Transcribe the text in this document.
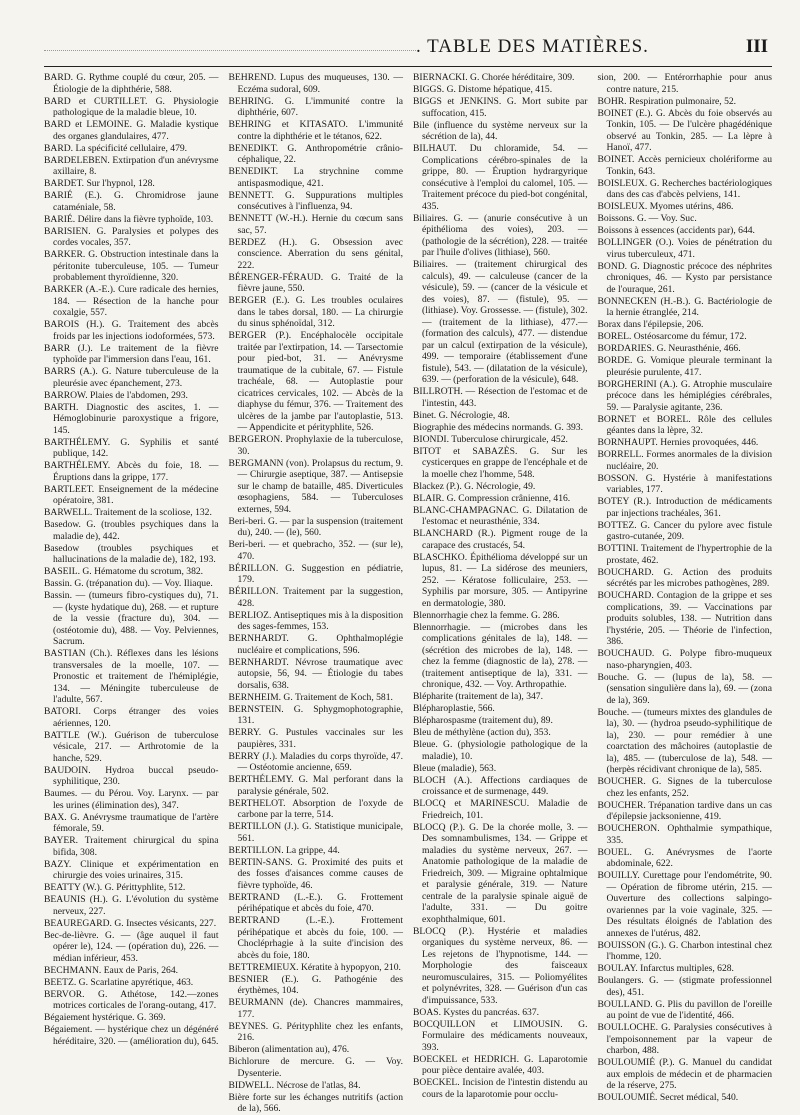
. TABLE DES MATIÈRES.	III

BARD. G. Rythme couplé du cœur, 205. — Étiologie de la diphthérie, 588.

BARD et CURTILLET. G. Physiologie pathologique de la maladie bleue, 10.

BARD et LEMOINE. G. Maladie kystique des organes glandulaires, 477.

BARD. La spécificité cellulaire, 479.

BARDELEBEN. Extirpation d'un anévrysme axillaire, 8.

BARDET. Sur l'hypnol, 128.

BARIÉ (E.). G. Chromidrose jaune cataméniale, 58.

BARIÉ. Délire dans la fièvre typhoïde, 103.

BARISIEN. G. Paralysies et polypes des cordes vocales, 357.

BARKER. G. Obstruction intestinale dans la péritonite tuberculeuse, 105. — Tumeur probablement thyroïdienne, 320.

BARKER (A.-E.). Cure radicale des hernies, 184. — Résection de la hanche pour coxalgie, 557.

BAROIS (H.). G. Traitement des abcès froids par les injections iodoformées, 573.

BARR (J.). Le traitement de la fièvre typhoïde par l'immersion dans l'eau, 161.

BARRS (A.). G. Nature tuberculeuse de la pleurésie avec épanchement, 273.

BARROW. Plaies de l'abdomen, 293.

BARTH. Diagnostic des ascites, 1. — Hémoglobinurie paroxystique a frigore, 145.

BARTHÉLEMY. G. Syphilis et santé publique, 142.

BARTHÉLEMY. Abcès du foie, 18. — Éruptions dans la grippe, 177.

BARTLEET. Enseignement de la médecine opératoire, 381.

BARWELL. Traitement de la scoliose, 132.

Basedow. G. (troubles psychiques dans la maladie de), 442.

Basedow (troubles psychiques et hallucinations de la maladie de), 182, 193.

BASEIL. G. Hématome du scrotum, 382.

Bassin. G. (trépanation du). — Voy. Iliaque.

Bassin. — (tumeurs fibro-cystiques du), 71. — (kyste hydatique du), 268. — et rupture de la vessie (fracture du), 304. — (ostéotomie du), 488. — Voy. Pelviennes, Sacrum.

BASTIAN (Ch.). Réflexes dans les lésions transversales de la moelle, 107. — Pronostic et traitement de l'hémiplégie, 134. — Méningite tuberculeuse de l'adulte, 567.

BATORI. Corps étranger des voies aériennes, 120.

BATTLE (W.). Guérison de tuberculose vésicale, 217. — Arthrotomie de la hanche, 529.

BAUDOIN. Hydroa buccal pseudo-syphilitique, 230.

Baumes. — du Pérou. Voy. Larynx. — par les urines (élimination des), 347.

BAX. G. Anévrysme traumatique de l'artère fémorale, 59.

BAYER. Traitement chirurgical du spina bifida, 308.

BAZY. Clinique et expérimentation en chirurgie des voies urinaires, 315.

BEATTY (W.). G. Périttyphlite, 512.

BEAUNIS (H.). G. L'évolution du système nerveux, 227.

BEAUREGARD. G. Insectes vésicants, 227.

Bec-de-lièvre. G. — (âge auquel il faut opérer le), 124. — (opération du), 226. — médian inférieur, 453.

BECHMANN. Eaux de Paris, 264.

BEETZ. G. Scarlatine apyrétique, 463.

BERVOR. G. Athétose, 142.—zones motrices corticales de l'orang-outang, 417.

Bégaiement hystérique. G. 369.

Bégaiement. — hystérique chez un dégénéré héréditaire, 320. — (amélioration du), 645.

BEHREND. Lupus des muqueuses, 130. — Eczéma sudoral, 609.

BEHRING. G. L'immunité contre la diphthérie, 607.

BEHRING et KITASATO. L'immunité contre la diphthérie et le tétanos, 622.

BENEDIKT. G. Anthropométrie crânio-céphalique, 22.

BENEDIKT. La strychnine comme antispasmodique, 421.

BENNETT. G. Suppurations multiples consécutives à l'influenza, 94.

BENNETT (W.-H.). Hernie du cœcum sans sac, 57.

BERDEZ (H.). G. Obsession avec conscience. Aberration du sens génital, 222.

BÉRENGER-FÉRAUD. G. Traité de la fièvre jaune, 550.

BERGER (E.). G. Les troubles oculaires dans le tabes dorsal, 180. — La chirurgie du sinus sphénoïdal, 312.

BERGER (P.). Encéphalocèle occipitale traitée par l'extirpation, 14. — Tarsectomie pour pied-bot, 31. — Anévrysme traumatique de la cubitale, 67. — Fistule trachéale, 68. — Autoplastie pour cicatrices cervicales, 102. — Abcès de la diaphyse du fémur, 376. — Traitement des ulcères de la jambe par l'autoplastie, 513. — Appendicite et pérityphlite, 526.

BERGERON. Prophylaxie de la tuberculose, 30.

BERGMANN (von). Prolapsus du rectum, 9. — Chirurgie aseptique, 387. — Antisepsie sur le champ de bataille, 485. Diverticules œsophagiens, 584. — Tuberculoses externes, 594.

Beri-beri. G. — par la suspension (traitement du), 240. — (le), 560.

Beri-beri. — et quebracho, 352. — (sur le), 470.

BÉRILLON. G. Suggestion en pédiatrie, 179.

BÉRILLON. Traitement par la suggestion, 428.

BERLIOZ. Antiseptiques mis à la disposition des sages-femmes, 153.

BERNHARDT. G. Ophthalmoplégie nucléaire et complications, 596.

BERNHARDT. Névrose traumatique avec autopsie, 56, 94. — Étiologie du tabes dorsalis, 638.

BERNHEIM. G. Traitement de Koch, 581.

BERNSTEIN. G. Sphygmophotographie, 131.

BERRY. G. Pustules vaccinales sur les paupières, 331.

BERRY (J.). Maladies du corps thyroïde, 47. — Ostéotomie ancienne, 659.

BERTHÉLEMY. G. Mal perforant dans la paralysie générale, 502.

BERTHELOT. Absorption de l'oxyde de carbone par la terre, 514.

BERTILLON (J.). G. Statistique municipale, 561.

BERTILLON. La grippe, 44.

BERTIN-SANS. G. Proximité des puits et des fosses d'aisances comme causes de fièvre typhoïde, 46.

BERTRAND (L.-E.). G. Frottement périhépatique et abcès du foie, 470.

BERTRAND (L.-E.). Frottement périhépatique et abcès du foie, 100. — Chocléprhagie à la suite d'incision des abcès du foie, 180.

BETTREMIEUX. Kératite à hypopyon, 210.

BESNIER (E.). G. Pathogénie des érythèmes, 104.

BEURMANN (de). Chancres mammaires, 177.

BEYNES. G. Pérityphlite chez les enfants, 216.

Biberon (alimentation au), 476.

Bichlorure de mercure. G. — Voy. Dysenterie.

BIDWELL. Nécrose de l'atlas, 84.

Bière forte sur les échanges nutritifs (action de la), 566.

BIERNACKI. G. Chorée héréditaire, 309.

BIGGS. G. Distome hépatique, 415.

BIGGS et JENKINS. G. Mort subite par suffocation, 415.

Bile (influence du système nerveux sur la sécrétion de la), 44.

BILHAUT. Du chloramide, 54. — Complications cérébro-spinales de la grippe, 80. — Éruption hydrargyrique consécutive à l'emploi du calomel, 105. — Traitement précoce du pied-bot congénital, 435.

Biliaires. G. — (anurie consécutive à un épithélioma des voies), 203. — (pathologie de la sécrétion), 228. — traitée par l'huile d'olives (lithiase), 560.

Biliaires. — (traitement chirurgical des calculs), 49. — calculeuse (cancer de la vésicule), 59. — (cancer de la vésicule et des voies), 87. — (fistule), 95. — (lithiase). Voy. Grossesse. — (fistule), 302. — (traitement de la lithiase), 477.—(formation des calculs), 477. — distendue par un calcul (extirpation de la vésicule), 499. — temporaire (établissement d'une fistule), 543. — (dilatation de la vésicule), 639. — (perforation de la vésicule), 648.

BILLROTH. — Résection de l'estomac et de l'intestin, 443.

Binet. G. Nécrologie, 48.

Biographie des médecins normands. G. 393.

BIONDI. Tuberculose chirurgicale, 452.

BITOT et SABAZÈS. G. Sur les cysticerques en grappe de l'encéphale et de la moelle chez l'homme, 548.

Blackez (P.). G. Nécrologie, 49.

BLAIR. G. Compression crânienne, 416.

BLANC-CHAMPAGNAC. G. Dilatation de l'estomac et neurasthénie, 334.

BLANCHARD (R.). Pigment rouge de la carapace des crustacés, 54.

BLASCHKO. Épithélioma développé sur un lupus, 81. — La sidérose des meuniers, 252. — Kératose folliculaire, 253. — Syphilis par morsure, 305. — Antipyrine en dermatologie, 380.

Blennorrhagie chez la femme. G. 286.

Blennorrhagie. — (microbes dans les complications génitales de la), 148. — (sécrétion des microbes de la), 148. — chez la femme (diagnostic de la), 278. — (traitement antiseptique de la), 331. — chronique, 432. — Voy. Arthropathie.

Blépharite (traitement de la), 347.

Blépharoplastie, 566.

Blépharospasme (traitement du), 89.

Bleu de méthylène (action du), 353.

Bleue. G. (physiologie pathologique de la maladie), 10.

Bleue (maladie), 563.

BLOCH (A.). Affections cardiaques de croissance et de surmenage, 449.

BLOCQ et MARINESCU. Maladie de Friedreich, 101.

BLOCQ (P.). G. De la chorée molle, 3. — Des somnambulismes, 134. — Grippe et maladies du système nerveux, 267. — Anatomie pathologique de la maladie de Friedreich, 309. — Migraine ophtalmique et paralysie générale, 319. — Nature centrale de la paralysie spinale aiguë de l'adulte, 331. — Du goitre exophthalmique, 601.

BLOCQ (P.). Hystérie et maladies organiques du système nerveux, 86. — Les rejetons de l'hypnotisme, 144. — Morphologie des faisceaux neuromusculaires, 315. — Poliomyélites et polynévrites, 328. — Guérison d'un cas d'impuissance, 533.

BOAS. Kystes du pancréas. 637.

BOCQUILLON et LIMOUSIN. G. Formulaire des médicaments nouveaux, 393.

BOECKEL et HEDRICH. G. Laparotomie pour pièce dentaire avalée, 403.

BOECKEL. Incision de l'intestin distendu au cours de la laparotomie pour occlu-

sion, 200. — Entérorrhaphie pour anus contre nature, 215.

BOHR. Respiration pulmonaire, 52.

BOINET (E.). G. Abcès du foie observés au Tonkin, 105. — De l'ulcère phagédénique observé au Tonkin, 285. — La lèpre à Hanoï, 477.

BOINET. Accès pernicieux cholériforme au Tonkin, 643.

BOISLEUX. G. Recherches bactériologiques dans des cas d'abcès pelviens, 141.

BOISLEUX. Myomes utérins, 486.

Boissons. G. — Voy. Suc.

Boissons à essences (accidents par), 644.

BOLLINGER (O.). Voies de pénétration du virus tuberculeux, 471.

BOND. G. Diagnostic précoce des néphrites chroniques, 46. — Kysto par persistance de l'ouraque, 261.

BONNECKEN (H.-B.). G. Bactériologie de la hernie étranglée, 214.

Borax dans l'épilepsie, 206.

BOREL. Ostéosarcome du fémur, 172.

BORDARIES. G. Neurasthénie, 466.

BORDE. G. Vomique pleurale terminant la pleurésie purulente, 417.

BORGHERINI (A.). G. Atrophie musculaire précoce dans les hémiplégies cérébrales, 59. — Paralysie agitante, 236.

BORNET et BOREL. Rôle des cellules géantes dans la lèpre, 32.

BORNHAUPT. Hernies provoquées, 446.

BORRELL. Formes anormales de la division nucléaire, 20.

BOSSON. G. Hystérie à manifestations variables, 177.

BOTEY (R.). Introduction de médicaments par injections trachéales, 361.

BOTTEZ. G. Cancer du pylore avec fistule gastro-cutanée, 209.

BOTTINI. Traitement de l'hypertrophie de la prostate, 462.

BOUCHARD. G. Action des produits sécrétés par les microbes pathogènes, 289.

BOUCHARD. Contagion de la grippe et ses complications, 39. — Vaccinations par produits solubles, 138. — Nutrition dans l'hystérie, 205. — Théorie de l'infection, 386.

BOUCHAUD. G. Polype fibro-muqueux naso-pharyngien, 403.

Bouche. G. — (lupus de la), 58. — (sensation singulière dans la), 69. — (zona de la), 369.

Bouche. — (tumeurs mixtes des glandules de la), 30. — (hydroa pseudo-syphilitique de la), 230. — pour remédier à une coarctation des mâchoires (autoplastie de la), 485. — (tuberculose de la), 548. — (herpès récidivant chronique de la), 585.

BOUCHER. G. Signes de la tuberculose chez les enfants, 252.

BOUCHER. Trépanation tardive dans un cas d'épilepsie jacksonienne, 419.

BOUCHERON. Ophthalmie sympathique, 335.

BOUEL. G. Anévrysmes de l'aorte abdominale, 622.

BOUILLY. Curettage pour l'endométrite, 90. — Opération de fibrome utérin, 215. — Ouverture des collections salpingo-ovariennes par la voie vaginale, 325. — Des résultats éloignés de l'ablation des annexes de l'utérus, 482.

BOUISSON (G.). G. Charbon intestinal chez l'homme, 120.

BOULAY. Infarctus multiples, 628.

Boulangers. G. — (stigmate professionnel des), 451.

BOULLAND. G. Plis du pavillon de l'oreille au point de vue de l'identité, 466.

BOULLOCHE. G. Paralysies consécutives à l'empoisonnement par la vapeur de charbon, 488.

BOULOUMIÉ (P.). G. Manuel du candidat aux emplois de médecin et de pharmacien de la réserve, 275.

BOULOUMIÉ. Secret médical, 540.
